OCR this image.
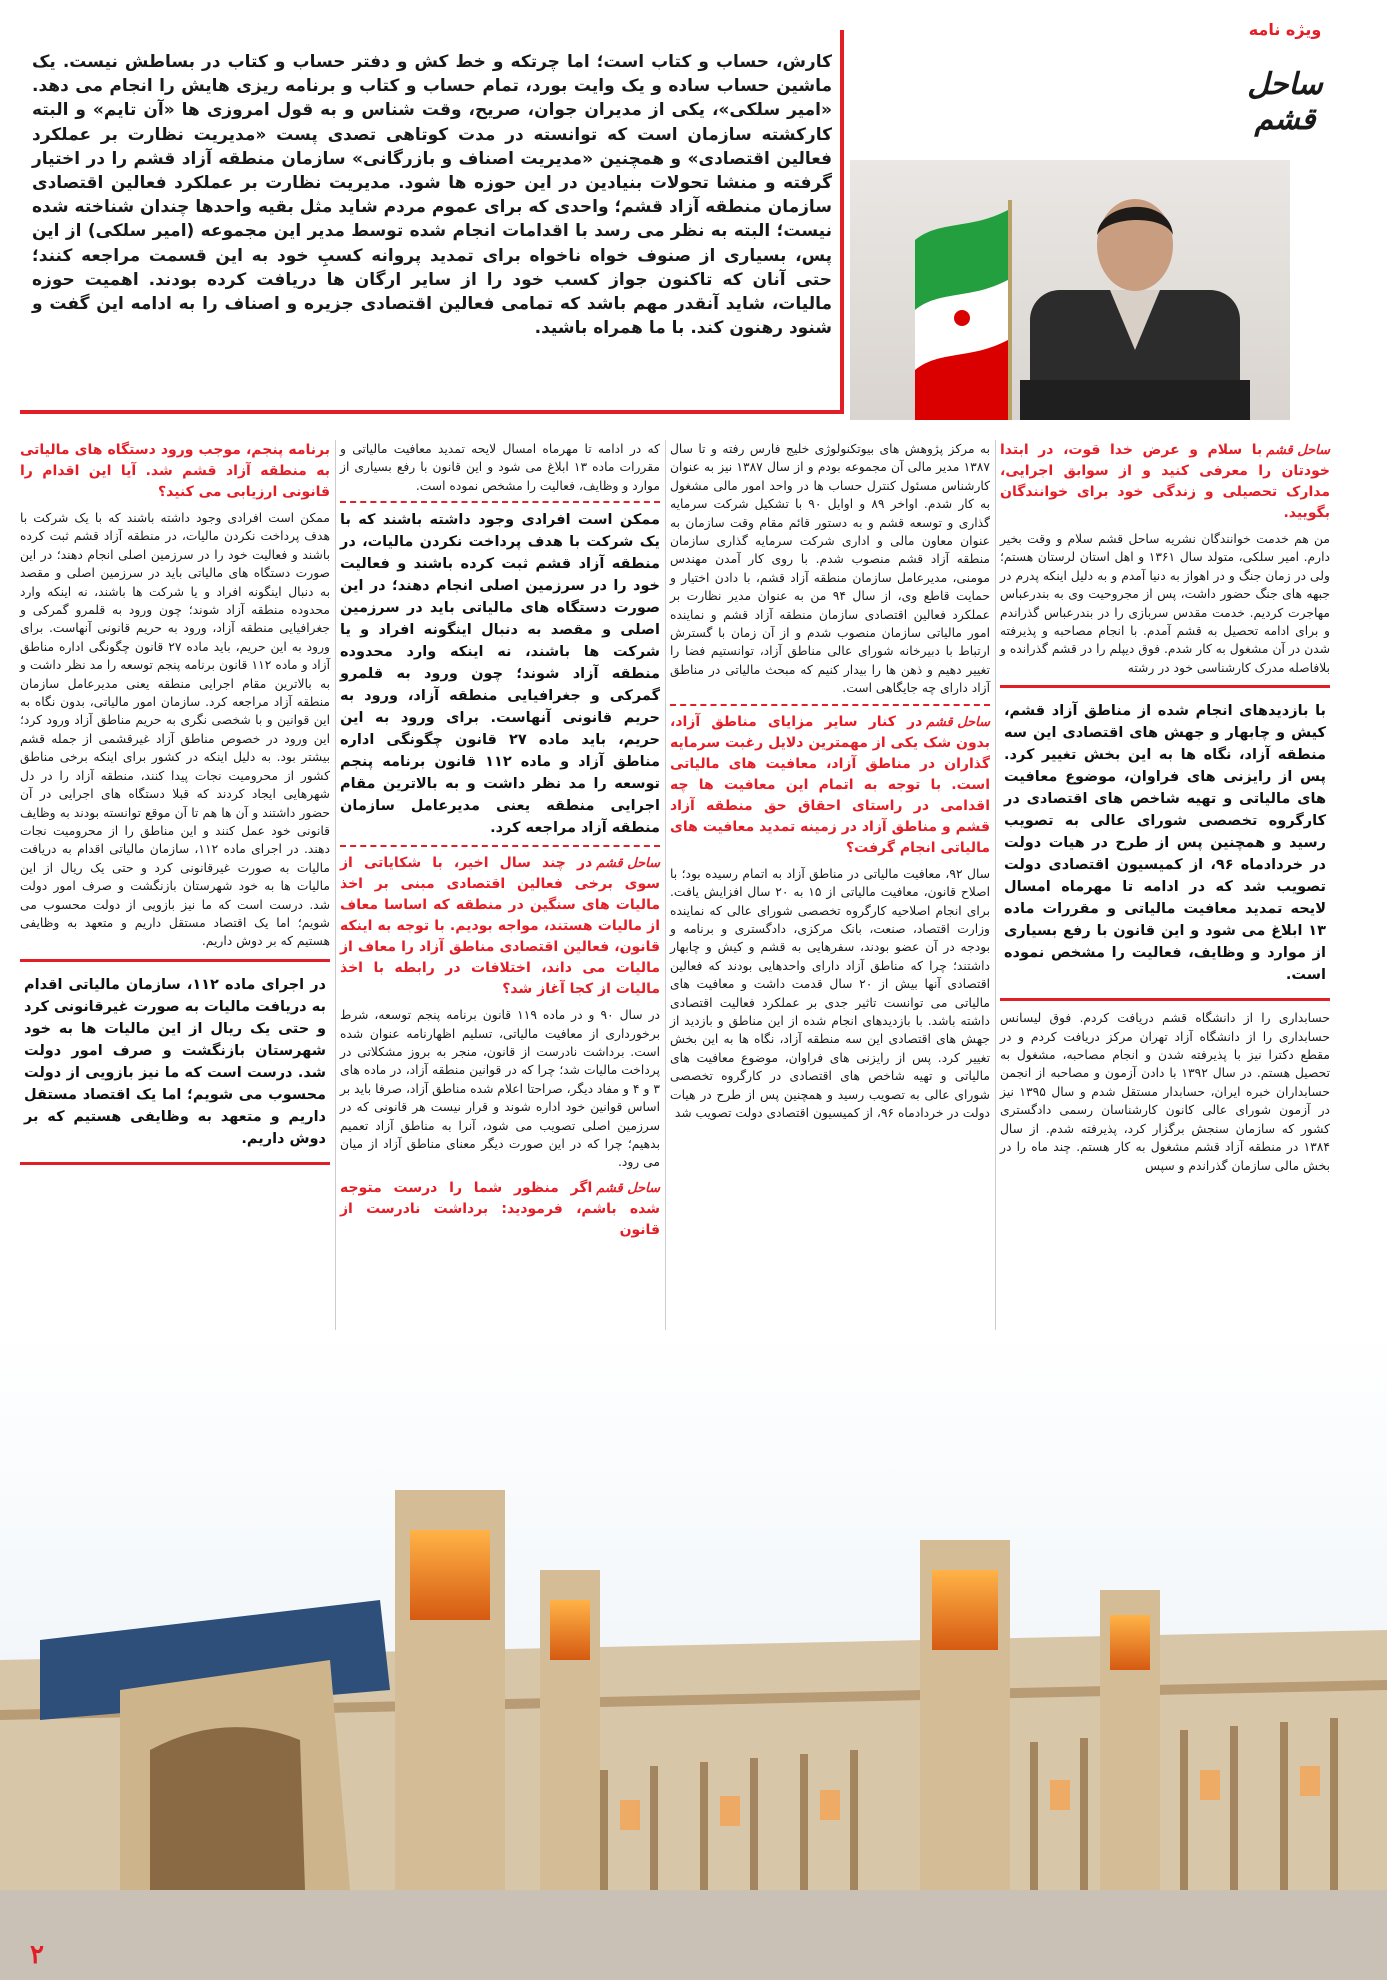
کارش، حساب و کتاب است؛ اما چرتکه و خط کش و دفتر حساب و کتاب در بساطش نیست. یک ماشین حساب ساده و یک وایت بورد، تمام حساب و کتاب و برنامه ریزی هایش را انجام می دهد. «امیر سلکی»، یکی از مدیران جوان، صریح، وقت شناس و به قول امروزی ها «آن تایم» و البته کارکشته سازمان است که توانسته در مدت کوتاهی تصدی پست «مدیریت نظارت بر عملکرد فعالین اقتصادی» و همچنین «مدیریت اصناف و بازرگانی» سازمان منطقه آزاد قشم را در اختیار گرفته و منشا تحولات بنیادین در این حوزه ها شود. مدیریت نظارت بر عملکرد فعالین اقتصادی سازمان منطقه آزاد قشم؛ واحدی که برای عموم مردم شاید مثل بقیه واحدها چندان شناخته شده نیست؛ البته به نظر می رسد با اقدامات انجام شده توسط مدیر این مجموعه (امیر سلکی) از این پس، بسیاری از صنوف خواه ناخواه برای تمدید پروانه کسبِ خود به این قسمت مراجعه کنند؛ حتی آنان که تاکنون جواز کسب خود را از سایر ارگان ها دریافت کرده بودند. اهمیت حوزه مالیات، شاید آنقدر مهم باشد که تمامی فعالین اقتصادی جزیره و اصناف را به ادامه این گفت و شنود رهنون کند. با ما همراه باشید.
ویژه نامه
ساحل قشم
ساحل قشمبا سلام و عرض خدا قوت، در ابتدا خودتان را معرفی کنید و از سوابق اجرایی، مدارک تحصیلی و زندگی خود برای خوانندگان بگویید.

من هم خدمت خوانندگان نشریه ساحل قشم سلام و وقت بخیر دارم. امیر سلکی، متولد سال ۱۳۶۱ و اهل استان لرستان هستم؛ ولی در زمان جنگ و در اهواز به دنیا آمدم و به دلیل اینکه پدرم در جبهه های جنگ حضور داشت، پس از مجروحیت وی به بندرعباس مهاجرت کردیم. خدمت مقدس سربازی را در بندرعباس گذراندم و برای ادامه تحصیل به قشم آمدم. با انجام مصاحبه و پذیرفته شدن در آن مشغول به کار شدم. فوق دیپلم را در قشم گذرانده و بلافاصله مدرک کارشناسی خود در رشته

با بازدیدهای انجام شده از مناطق آزاد قشم، کیش و چابهار و جهش های اقتصادی این سه منطقه آزاد، نگاه ها به این بخش تغییر کرد. پس از رایزنی های فراوان، موضوع معافیت های مالیاتی و تهیه شاخص های اقتصادی در کارگروه تخصصی شورای عالی به تصویب رسید و همچنین پس از طرح در هیات دولت در خردادماه ۹۶، از کمیسیون اقتصادی دولت تصویب شد که در ادامه تا مهرماه امسال لایحه تمدید معافیت مالیاتی و مقررات ماده ۱۳ ابلاغ می شود و این قانون با رفع بسیاری از موارد و وظایف، فعالیت را مشخص نموده است.

حسابداری را از دانشگاه قشم دریافت کردم. فوق لیسانس حسابداری را از دانشگاه آزاد تهران مرکز دریافت کردم و در مقطع دکترا نیز با پذیرفته شدن و انجام مصاحبه، مشغول به تحصیل هستم. در سال ۱۳۹۲ با دادن آزمون و مصاحبه از انجمن حسابداران خبره ایران، حسابدار مستقل شدم و سال ۱۳۹۵ نیز در آزمون شورای عالی کانون کارشناسان رسمی دادگستری کشور که سازمان سنجش برگزار کرد، پذیرفته شدم. از سال ۱۳۸۴ در منطقه آزاد قشم مشغول به کار هستم. چند ماه را در بخش مالی سازمان گذراندم و سپس

به مرکز پژوهش های بیوتکنولوژی خلیج فارس رفته و تا سال ۱۳۸۷ مدیر مالی آن مجموعه بودم و از سال ۱۳۸۷ نیز به عنوان کارشناس مسئول کنترل حساب ها در واحد امور مالی مشغول به کار شدم. اواخر ۸۹ و اوایل ۹۰ با تشکیل شرکت سرمایه گذاری و توسعه قشم و به دستور قائم مقام وقت سازمان به عنوان معاون مالی و اداری شرکت سرمایه گذاری سازمان منطقه آزاد قشم منصوب شدم. با روی کار آمدن مهندس مومنی، مدیرعامل سازمان منطقه آزاد قشم، با دادن اختیار و حمایت قاطع وی، از سال ۹۴ من به عنوان مدیر نظارت بر عملکرد فعالین اقتصادی سازمان منطقه آزاد قشم و نماینده امور مالیاتی سازمان منصوب شدم و از آن زمان با گسترش ارتباط با دبیرخانه شورای عالی مناطق آزاد، توانستیم فضا را تغییر دهیم و ذهن ها را بیدار کنیم که مبحث مالیاتی در مناطق آزاد دارای چه جایگاهی است.

ساحل قشمدر کنار سایر مزایای مناطق آزاد، بدون شک یکی از مهمترین دلایل رغبت سرمایه گذاران در مناطق آزاد، معافیت های مالیاتی است. با توجه به اتمام این معافیت ها چه اقدامی در راستای احقاق حق منطقه آزاد قشم و مناطق آزاد در زمینه تمدید معافیت های مالیاتی انجام گرفت؟

سال ۹۲، معافیت مالیاتی در مناطق آزاد به اتمام رسیده بود؛ با اصلاح قانون، معافیت مالیاتی از ۱۵ به ۲۰ سال افزایش یافت. برای انجام اصلاحیه کارگروه تخصصی شورای عالی که نماینده وزارت اقتصاد، صنعت، بانک مرکزی، دادگستری و برنامه و بودجه در آن عضو بودند، سفرهایی به قشم و کیش و چابهار داشتند؛ چرا که مناطق آزاد دارای واحدهایی بودند که فعالین اقتصادی آنها بیش از ۲۰ سال قدمت داشت و معافیت های مالیاتی می توانست تاثیر جدی بر عملکرد فعالیت اقتصادی داشته باشد. با بازدیدهای انجام شده از این مناطق و بازدید از جهش های اقتصادی این سه منطقه آزاد، نگاه ها به این بخش تغییر کرد. پس از رایزنی های فراوان، موضوع معافیت های مالیاتی و تهیه شاخص های اقتصادی در کارگروه تخصصی شورای عالی به تصویب رسید و همچنین پس از طرح در هیات دولت در خردادماه ۹۶، از کمیسیون اقتصادی دولت تصویب شد

که در ادامه تا مهرماه امسال لایحه تمدید معافیت مالیاتی و مقررات ماده ۱۳ ابلاغ می شود و این قانون با رفع بسیاری از موارد و وظایف، فعالیت را مشخص نموده است.

ممکن است افرادی وجود داشته باشند که با یک شرکت با هدف پرداخت نکردن مالیات، در منطقه آزاد قشم ثبت کرده باشند و فعالیت خود را در سرزمین اصلی انجام دهند؛ در این صورت دستگاه های مالیاتی باید در سرزمین اصلی و مقصد به دنبال اینگونه افراد و یا شرکت ها باشند، نه اینکه وارد محدوده منطقه آزاد شوند؛ چون ورود به قلمرو گمرکی و جغرافیایی منطقه آزاد، ورود به حریم قانونی آنهاست. برای ورود به این حریم، باید ماده ۲۷ قانون چگونگی اداره مناطق آزاد و ماده ۱۱۲ قانون برنامه پنجم توسعه را مد نظر داشت و به بالاترین مقام اجرایی منطقه یعنی مدیرعامل سازمان منطقه آزاد مراجعه کرد.
ساحل قشمدر چند سال اخیر، با شکایاتی از سوی برخی فعالین اقتصادی مبنی بر اخذ مالیات های سنگین در منطقه که اساسا معاف از مالیات هستند، مواجه بودیم. با توجه به اینکه قانون، فعالین اقتصادی مناطق آزاد را معاف از مالیات می داند، اختلافات در رابطه با اخذ مالیات از کجا آغاز شد؟

در سال ۹۰ و در ماده ۱۱۹ قانون برنامه پنجم توسعه، شرط برخورداری از معافیت مالیاتی، تسلیم اظهارنامه عنوان شده است. برداشت نادرست از قانون، منجر به بروز مشکلاتی در پرداخت مالیات شد؛ چرا که در قوانین منطقه آزاد، در ماده های ۳ و ۴ و مفاد دیگر، صراحتا اعلام شده مناطق آزاد، صرفا باید بر اساس قوانین خود اداره شوند و قرار نیست هر قانونی که در سرزمین اصلی تصویب می شود، آنرا به مناطق آزاد تعمیم بدهیم؛ چرا که در این صورت دیگر معنای مناطق آزاد از میان می رود.

ساحل قشماگر منظور شما را درست متوجه شده باشم، فرمودید: برداشت نادرست از قانون
برنامه پنجم، موجب ورود دستگاه های مالیاتی به منطقه آزاد قشم شد. آیا این اقدام را قانونی ارزیابی می کنید؟

ممکن است افرادی وجود داشته باشند که با یک شرکت با هدف پرداخت نکردن مالیات، در منطقه آزاد قشم ثبت کرده باشند و فعالیت خود را در سرزمین اصلی انجام دهند؛ در این صورت دستگاه های مالیاتی باید در سرزمین اصلی و مقصد به دنبال اینگونه افراد و یا شرکت ها باشند، نه اینکه وارد محدوده منطقه آزاد شوند؛ چون ورود به قلمرو گمرکی و جغرافیایی منطقه آزاد، ورود به حریم قانونی آنهاست. برای ورود به این حریم، باید ماده ۲۷ قانون چگونگی اداره مناطق آزاد و ماده ۱۱۲ قانون برنامه پنجم توسعه را مد نظر داشت و به بالاترین مقام اجرایی منطقه یعنی مدیرعامل سازمان منطقه آزاد مراجعه کرد. سازمان امور مالیاتی، بدون نگاه به این قوانین و با شخصی نگری به حریم مناطق آزاد ورود کرد؛ این ورود در خصوص مناطق آزاد غیرقشمی از جمله قشم بیشتر بود. به دلیل اینکه در کشور برای اینکه برخی مناطق کشور از محرومیت نجات پیدا کنند، منطقه آزاد را در دل شهرهایی ایجاد کردند که قبلا دستگاه های اجرایی در آن حضور داشتند و آن ها هم تا آن موقع توانسته بودند به وظایف قانونی خود عمل کنند و این مناطق را از محرومیت نجات دهند. در اجرای ماده ۱۱۲، سازمان مالیاتی اقدام به دریافت مالیات به صورت غیرقانونی کرد و حتی یک ریال از این مالیات ها به خود شهرستان بازنگشت و صرف امور دولت شد. درست است که ما نیز بازویی از دولت محسوب می شویم؛ اما یک اقتصاد مستقل داریم و متعهد به وظایفی هستیم که بر دوش داریم.

در اجرای ماده ۱۱۲، سازمان مالیاتی اقدام به دریافت مالیات به صورت غیرقانونی کرد و حتی یک ریال از این مالیات ها به خود شهرستان بازنگشت و صرف امور دولت شد. درست است که ما نیز بازویی از دولت محسوب می شویم؛ اما یک اقتصاد مستقل داریم و متعهد به وظایفی هستیم که بر دوش داریم.
۲
